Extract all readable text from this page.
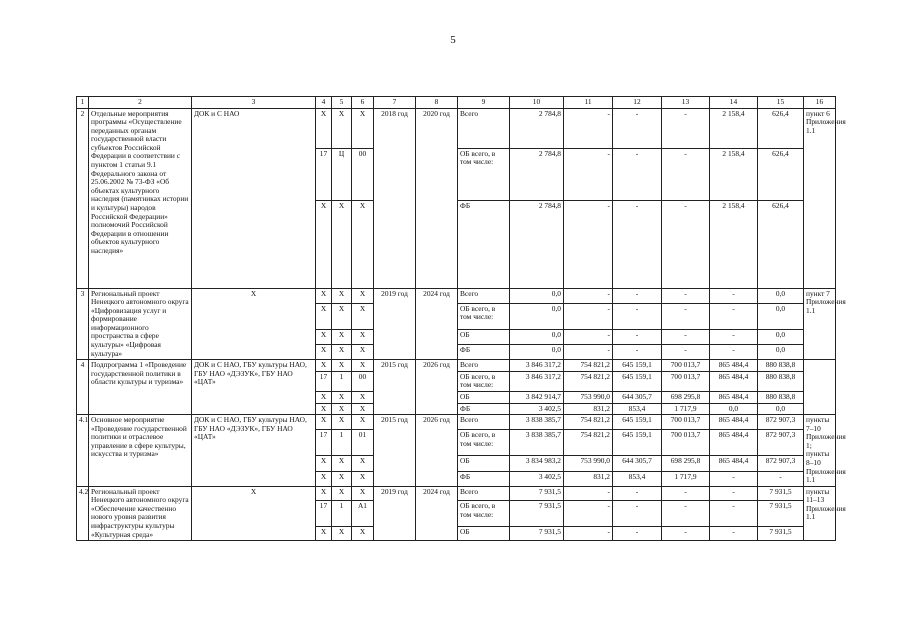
5
1	2	3	4	5	6	7	8	9	10	11	12	13	14	15	16
2	Отдельные мероприятия программы «Осуществление переданных органам государственной власти субъектов Российской Федерации в соответствии с пунктом 1 статьи 9.1 Федерального закона от 25.06.2002 № 73-ФЗ «Об объектах культурного наследия (памятниках истории и культуры) народов Российской Федерации» полномочий Российской Федерации в отношении объектов культурного наследия»	ДОК и С НАО	X	X	X	2018 год	2020 год	Всего	2 784,8	-	-	-	2 158,4	626,4	пункт 6 Приложения 1.1
			17	Ц	00			ОБ всего, в том числе:	2 784,8	-	-	-	2 158,4	626,4	
			X	X	X			ФБ	2 784,8	-	-	-	2 158,4	626,4	
3	Региональный проект Ненецкого автономного округа «Цифровизация услуг и формирование информационного пространства в сфере культуры» «Цифровая культура»	X	X	X	X	2019 год	2024 год	Всего	0,0	-	-	-	-	0,0	пункт 7 Приложения 1.1
			X	X	X			ОБ всего, в том числе:	0,0	-	-	-	-	0,0	
			X	X	X			ОБ	0,0	-	-	-	-	0,0	
			X	X	X			ФБ	0,0	-	-	-	-	0,0	
4	Подпрограмма 1 «Проведение государственной политики в области культуры и туризма»	ДОК и С НАО, ГБУ культуры НАО, ГБУ НАО «ДЭЗУК», ГБУ НАО «ЦАТ»	X	X	X	2015 год	2026 год	Всего	3 846 317,2	754 821,2	645 159,1	700 013,7	865 484,4	880 838,8	
			17	1	00			ОБ всего, в том числе:	3 846 317,2	754 821,2	645 159,1	700 013,7	865 484,4	880 838,8	
			X	X	X			ОБ	3 842 914,7	753 990,0	644 305,7	698 295,8	865 484,4	880 838,8	
			X	X	X			ФБ	3 402,5	831,2	853,4	1 717,9	0,0	0,0	
4.1	Основное мероприятие «Проведение государственной политики и отраслевое управление в сфере культуры, искусства и туризма»	ДОК и С НАО, ГБУ культуры НАО, ГБУ НАО «ДЭЗУК», ГБУ НАО «ЦАТ»	X	X	X	2015 год	2026 год	Всего	3 838 385,7	754 821,2	645 159,1	700 013,7	865 484,4	872 907,3	пункты 7–10 Приложения 1; пункты 8–10 Приложения 1.1
			17	1	01			ОБ всего, в том числе:	3 838 385,7	754 821,2	645 159,1	700 013,7	865 484,4	872 907,3	
			X	X	X			ОБ	3 834 983,2	753 990,0	644 305,7	698 295,8	865 484,4	872 907,3	
			X	X	X			ФБ	3 402,5	831,2	853,4	1 717,9	-	-	
4.2	Региональный проект Ненецкого автономного округа «Обеспечение качественно нового уровня развития инфраструктуры культуры «Культурная среда»	X	X	X	X	2019 год	2024 год	Всего	7 931,5	-	-	-	-	7 931,5	пункты 11–13 Приложения 1.1
			17	1	A1			ОБ всего, в том числе:	7 931,5	-	-	-	-	7 931,5	
			X	X	X			ОБ	7 931,5	-	-	-	-	7 931,5	
